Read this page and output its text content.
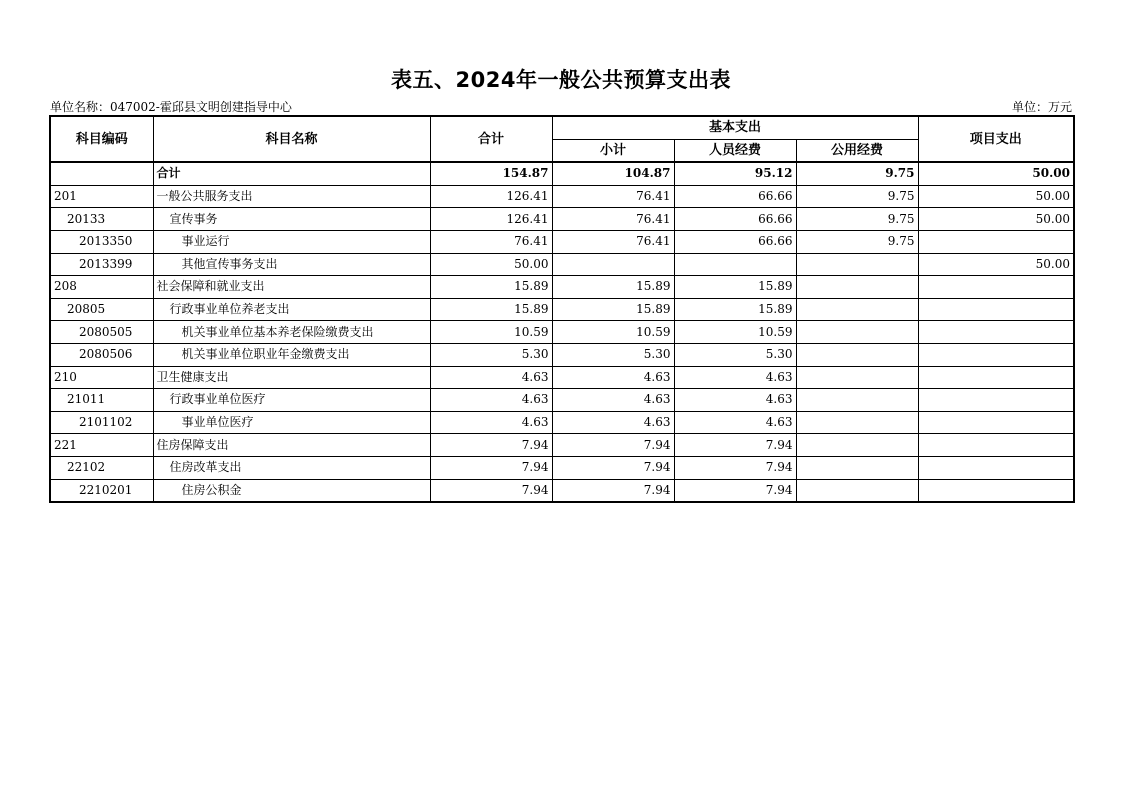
表五、2024年一般公共预算支出表
单位名称：047002-霍邱县文明创建指导中心	单位：万元
科目编码	科目名称	合计	基本支出			项目支出
			小计	人员经费	公用经费	
	合计	154.87	104.87	95.12	9.75	50.00
201	一般公共服务支出	126.41	76.41	66.66	9.75	50.00
20133	宣传事务	126.41	76.41	66.66	9.75	50.00
2013350	事业运行	76.41	76.41	66.66	9.75	
2013399	其他宣传事务支出	50.00				50.00
208	社会保障和就业支出	15.89	15.89	15.89		
20805	行政事业单位养老支出	15.89	15.89	15.89		
2080505	机关事业单位基本养老保险缴费支出	10.59	10.59	10.59		
2080506	机关事业单位职业年金缴费支出	5.30	5.30	5.30		
210	卫生健康支出	4.63	4.63	4.63		
21011	行政事业单位医疗	4.63	4.63	4.63		
2101102	事业单位医疗	4.63	4.63	4.63		
221	住房保障支出	7.94	7.94	7.94		
22102	住房改革支出	7.94	7.94	7.94		
2210201	住房公积金	7.94	7.94	7.94		
